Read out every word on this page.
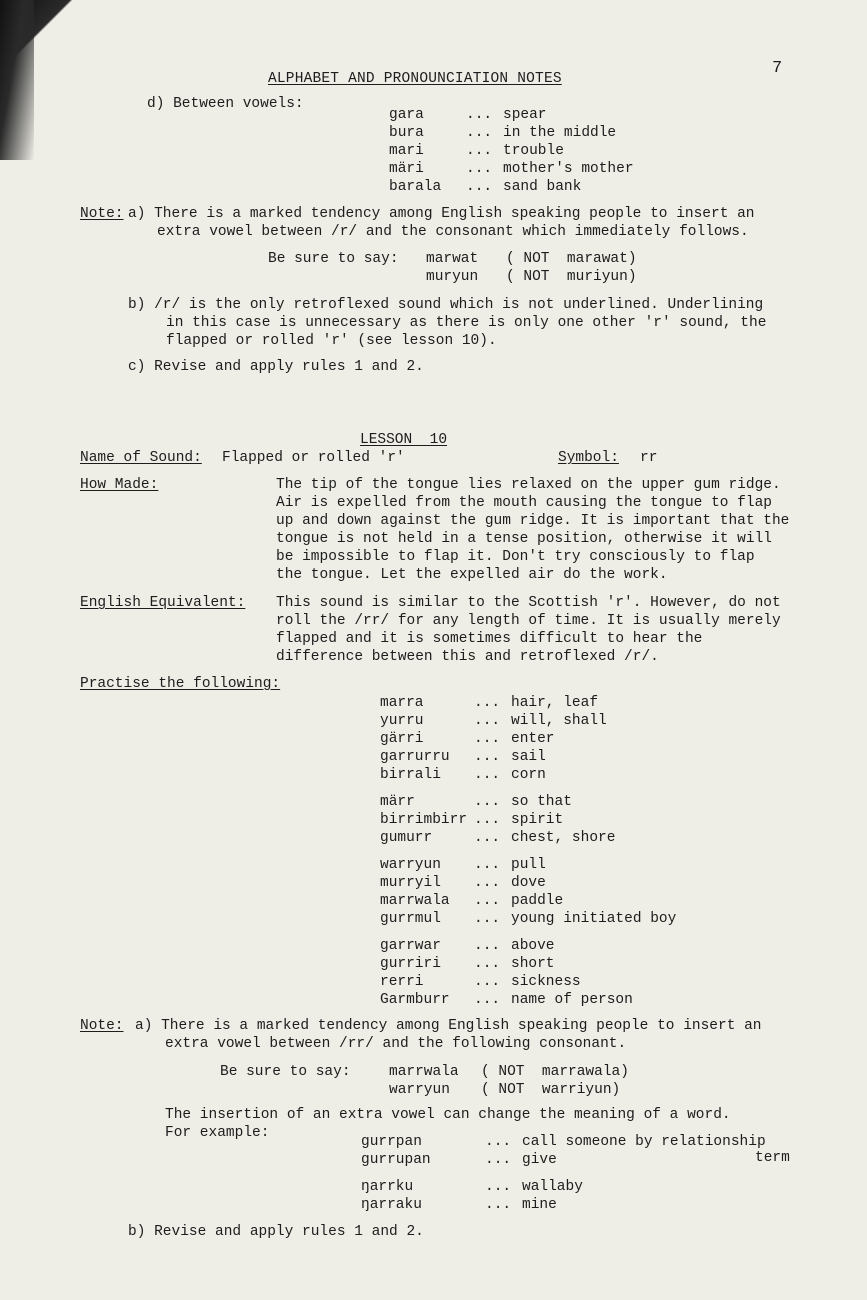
7
ALPHABET AND PRONOUNCIATION NOTES
d) Between vowels:
gara	... spear
bura	... in the middle
mari	... trouble
märi	... mother's mother
barala ... sand bank
Note: a) There is a marked tendency among English speaking people to insert an
extra vowel between /r/ and the consonant which immediately follows.
Be sure to say: marwat ( NOT  marawat)
muryun ( NOT  muriyun)
b) /r/ is the only retroflexed sound which is not underlined. Underlining
in this case is unnecessary as there is only one other 'r' sound, the
flapped or rolled 'r' (see lesson 10).
c) Revise and apply rules 1 and 2.
LESSON  10
Name of Sound: Flapped or rolled 'r'	Symbol: rr
How Made:	The tip of the tongue lies relaxed on the upper gum ridge.
Air is expelled from the mouth causing the tongue to flap
up and down against the gum ridge. It is important that the
tongue is not held in a tense position, otherwise it will
be impossible to flap it. Don't try consciously to flap
the tongue. Let the expelled air do the work.
English Equivalent: This sound is similar to the Scottish 'r'. However, do not
roll the /rr/ for any length of time. It is usually merely
flapped and it is sometimes difficult to hear the
difference between this and retroflexed /r/.
Practise the following:
marra	... hair, leaf
yurru	... will, shall
gärri	... enter
garrurru ... sail
birrali ... corn
märr	... so that
birrimbirr ... spirit
gumurr	... chest, shore
warryun ... pull
murryil ... dove
marrwala ... paddle
gurrmul ... young initiated boy
garrwar ... above
gurriri ... short
rerri	... sickness
Garmburr ... name of person
Note: a) There is a marked tendency among English speaking people to insert an
extra vowel between /rr/ and the following consonant.
Be sure to say:	marrwala ( NOT  marrawala)
warryun ( NOT  warriyun)
The insertion of an extra vowel can change the meaning of a word.
For example:
gurrpan	... call someone by relationship
term
gurrupan	... give
ŋarrku	... wallaby
ŋarraku	... mine
b) Revise and apply rules 1 and 2.
